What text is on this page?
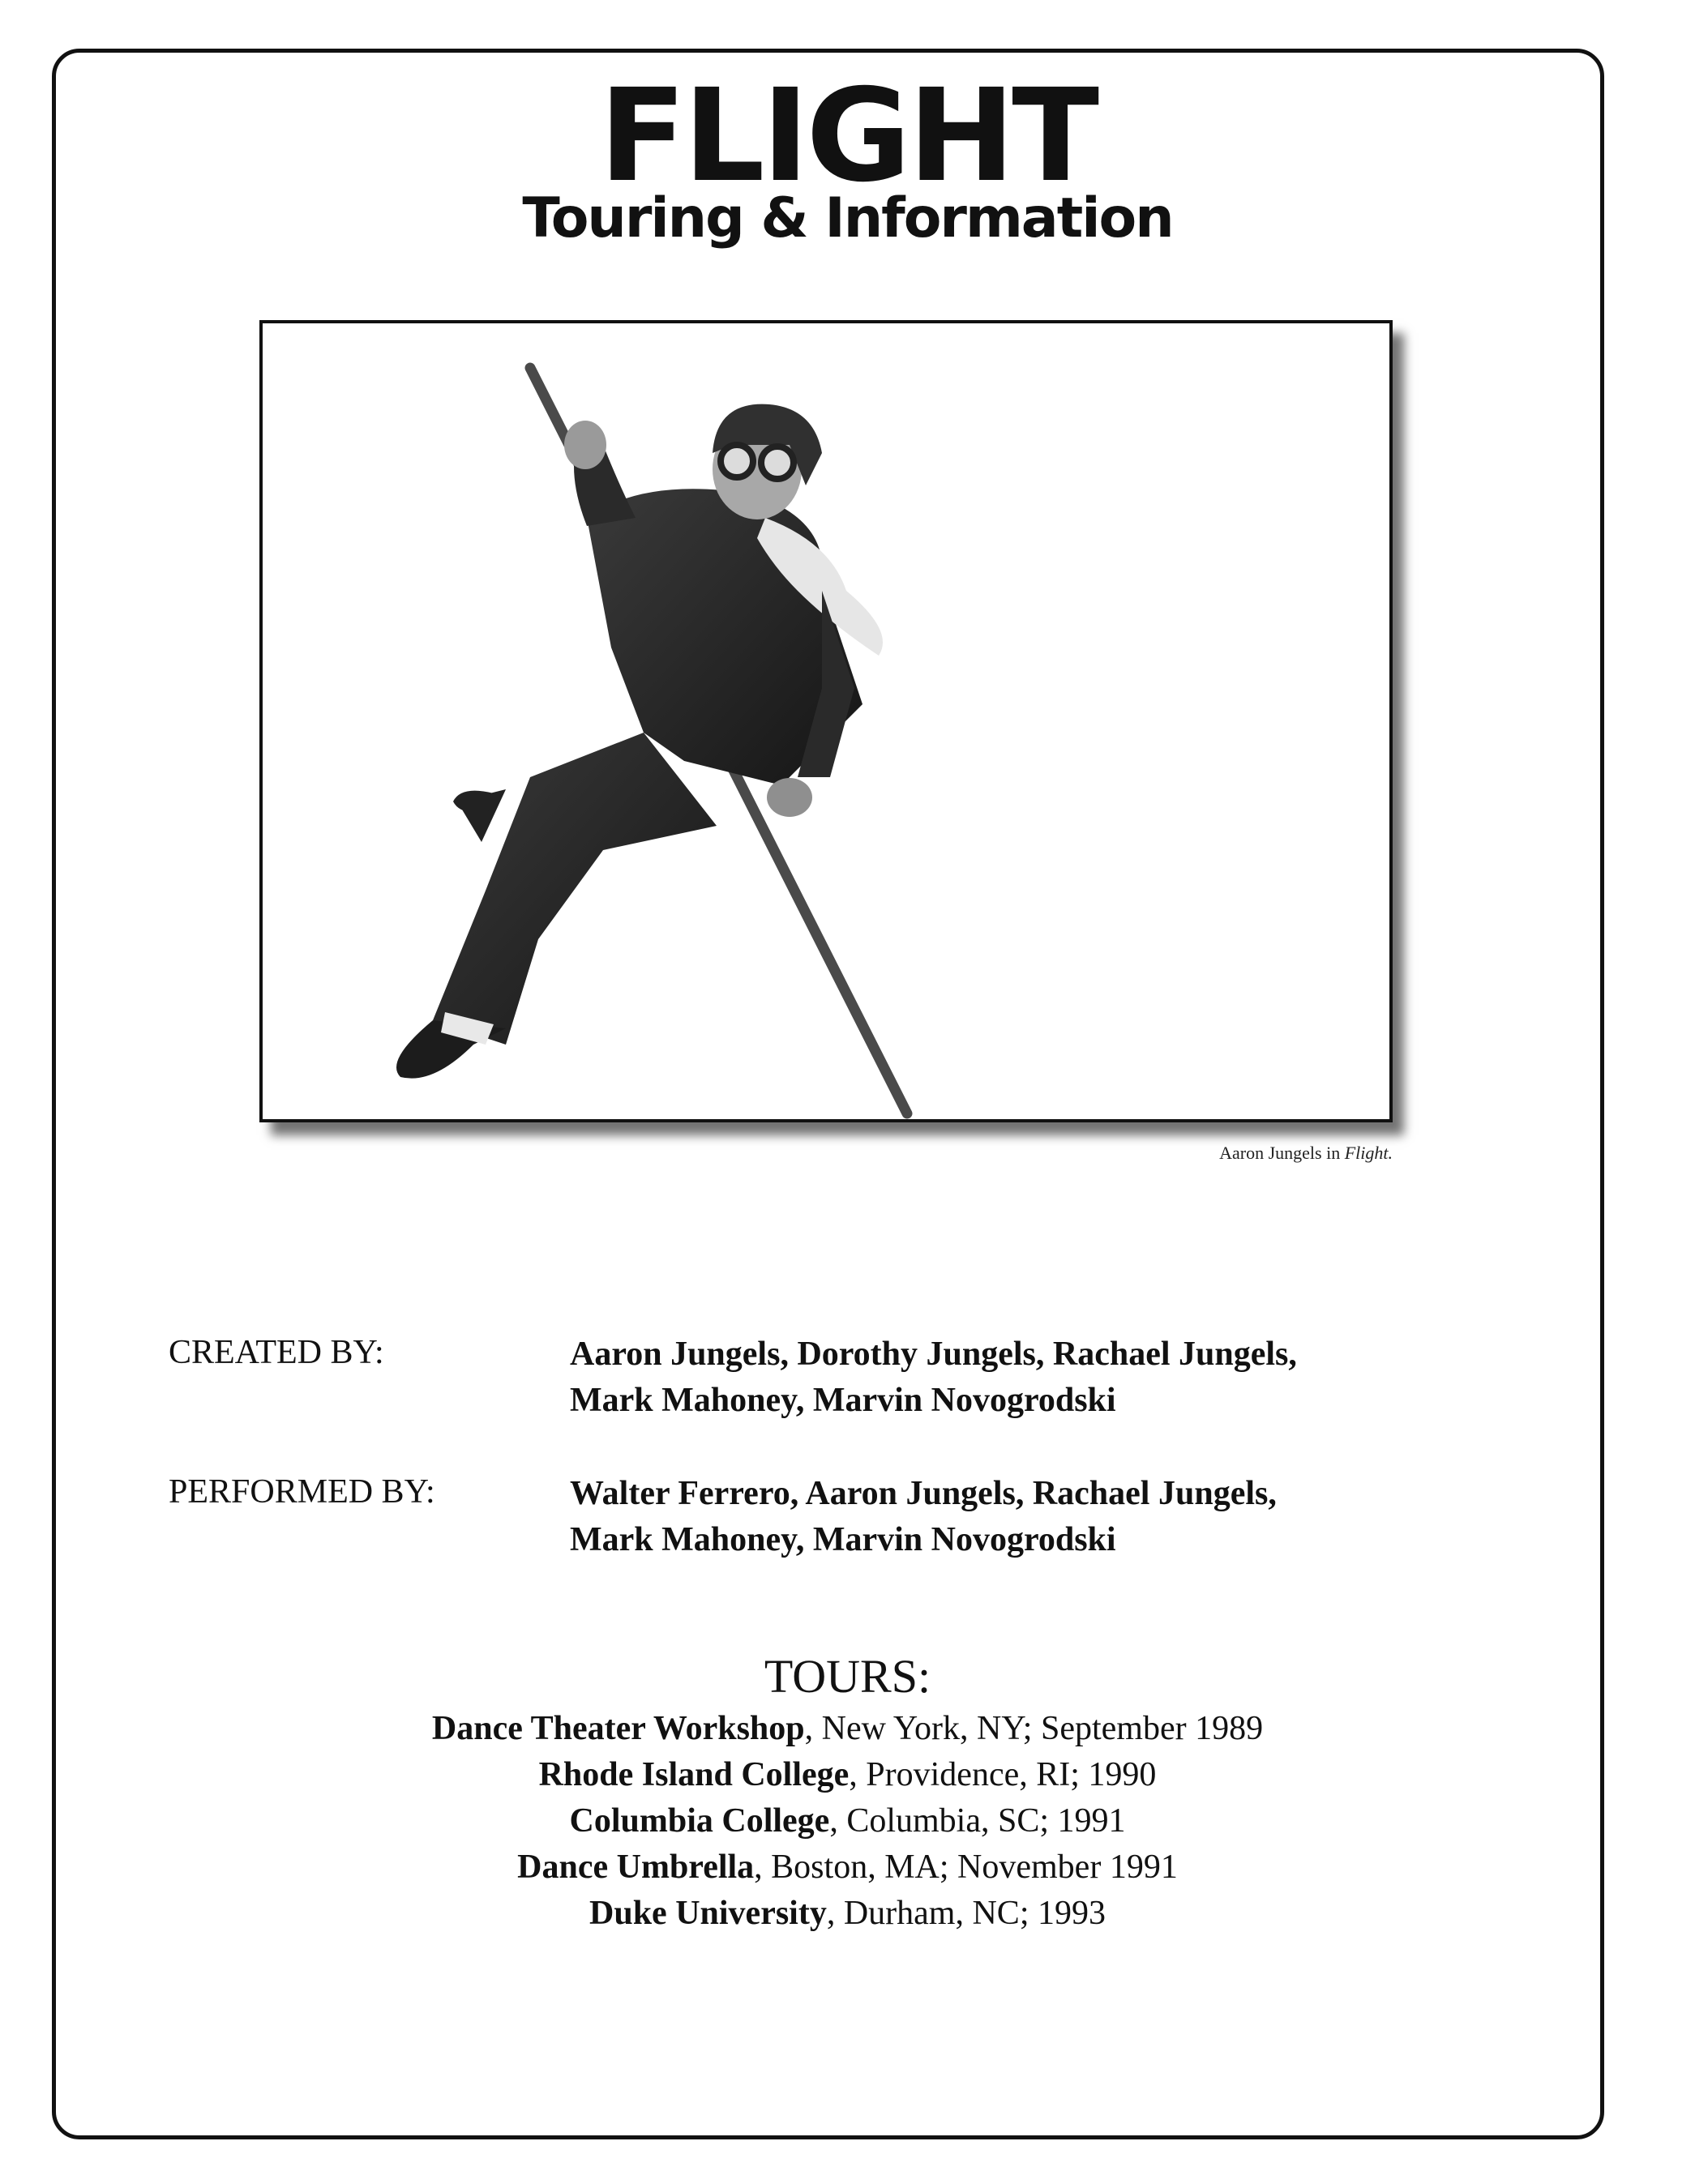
FLIGHT
Touring & Information
Aaron Jungels in Flight.
CREATED BY:	Aaron Jungels, Dorothy Jungels, Rachael Jungels,
Mark Mahoney, Marvin Novogrodski
PERFORMED BY:	Walter Ferrero, Aaron Jungels, Rachael Jungels,
Mark Mahoney, Marvin Novogrodski
TOURS:
Dance Theater Workshop, New York, NY; September 1989
Rhode Island College, Providence, RI; 1990
Columbia College, Columbia, SC; 1991
Dance Umbrella, Boston, MA; November 1991
Duke University, Durham, NC; 1993
